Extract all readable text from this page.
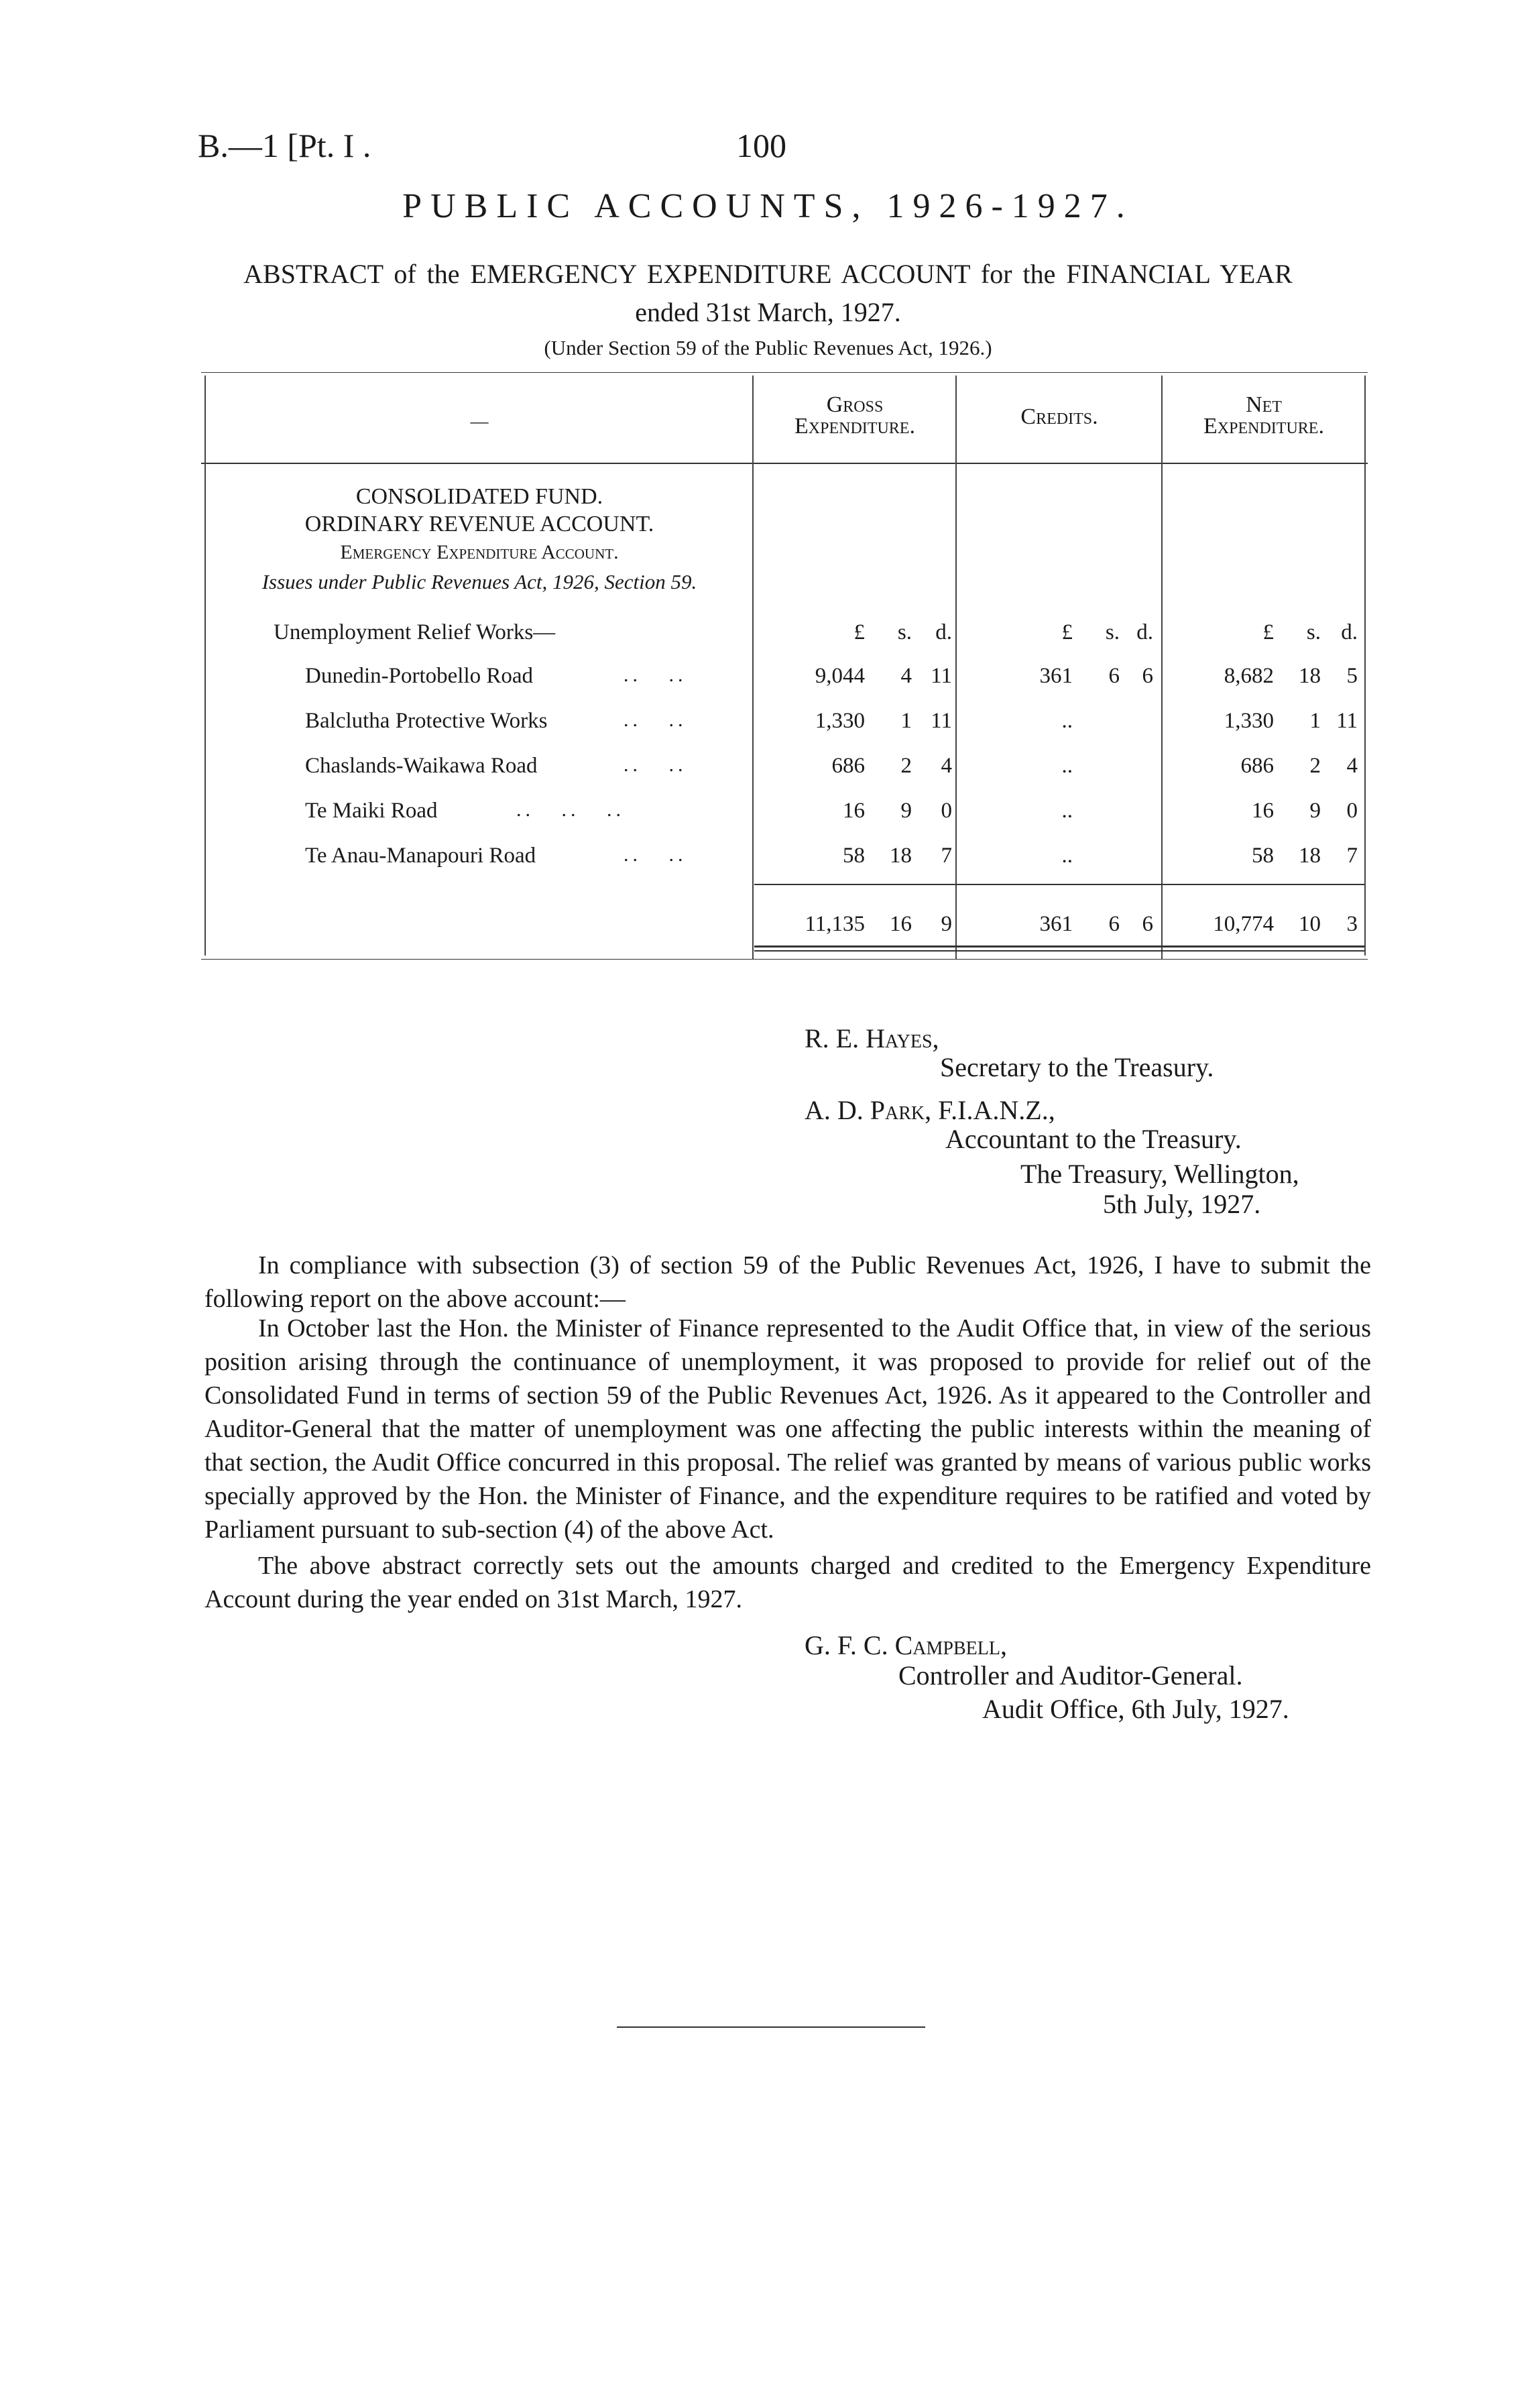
B.—1 [Pt. I .	100
PUBLIC ACCOUNTS, 1926-1927.
ABSTRACT of the EMERGENCY EXPENDITURE ACCOUNT for the FINANCIAL YEAR
ended 31st March, 1927.
(Under Section 59 of the Public Revenues Act, 1926.)
—
Gross
Expenditure.	Credits.	Net
Expenditure.
CONSOLIDATED FUND.
ORDINARY REVENUE ACCOUNT.
Emergency Expenditure Account.
Issues under Public Revenues Act, 1926, Section 59.
Unemployment Relief Works—	£	s.	d.	£	s. d.	£	s. d.
Dunedin-Portobello Road	..   ..	9,044	4 11	361	6	6	8,682	18	5
Balclutha Protective Works	..   ..	1,330	1 11	..	1,330	1 11
Chaslands-Waikawa Road	..   ..	686	2	4	..	686	2	4
Te Maiki Road	..   ..   ..	16	9	0	..	16	9	0
Te Anau-Manapouri Road	..   ..	58	18	7	..	58	18	7
11,135	16	9	361	6	6	10,774	10	3
R. E. Hayes,
Secretary to the Treasury.
A. D. Park, F.I.A.N.Z.,
Accountant to the Treasury.
The Treasury, Wellington,
5th July, 1927.
In compliance with subsection (3) of section 59 of the Public Revenues Act, 1926, I have to submit the following report on the above account:—
In October last the Hon. the Minister of Finance represented to the Audit Office that, in view of the serious position arising through the continuance of unemployment, it was proposed to provide for relief out of the Consolidated Fund in terms of section 59 of the Public Revenues Act, 1926. As it appeared to the Controller and Auditor-General that the matter of unemployment was one affecting the public interests within the meaning of that section, the Audit Office concurred in this proposal. The relief was granted by means of various public works specially approved by the Hon. the Minister of Finance, and the expenditure requires to be ratified and voted by Parliament pursuant to sub-section (4) of the above Act.
The above abstract correctly sets out the amounts charged and credited to the Emergency Expenditure Account during the year ended on 31st March, 1927.
G. F. C. Campbell,
Controller and Auditor-General.
Audit Office, 6th July, 1927.
